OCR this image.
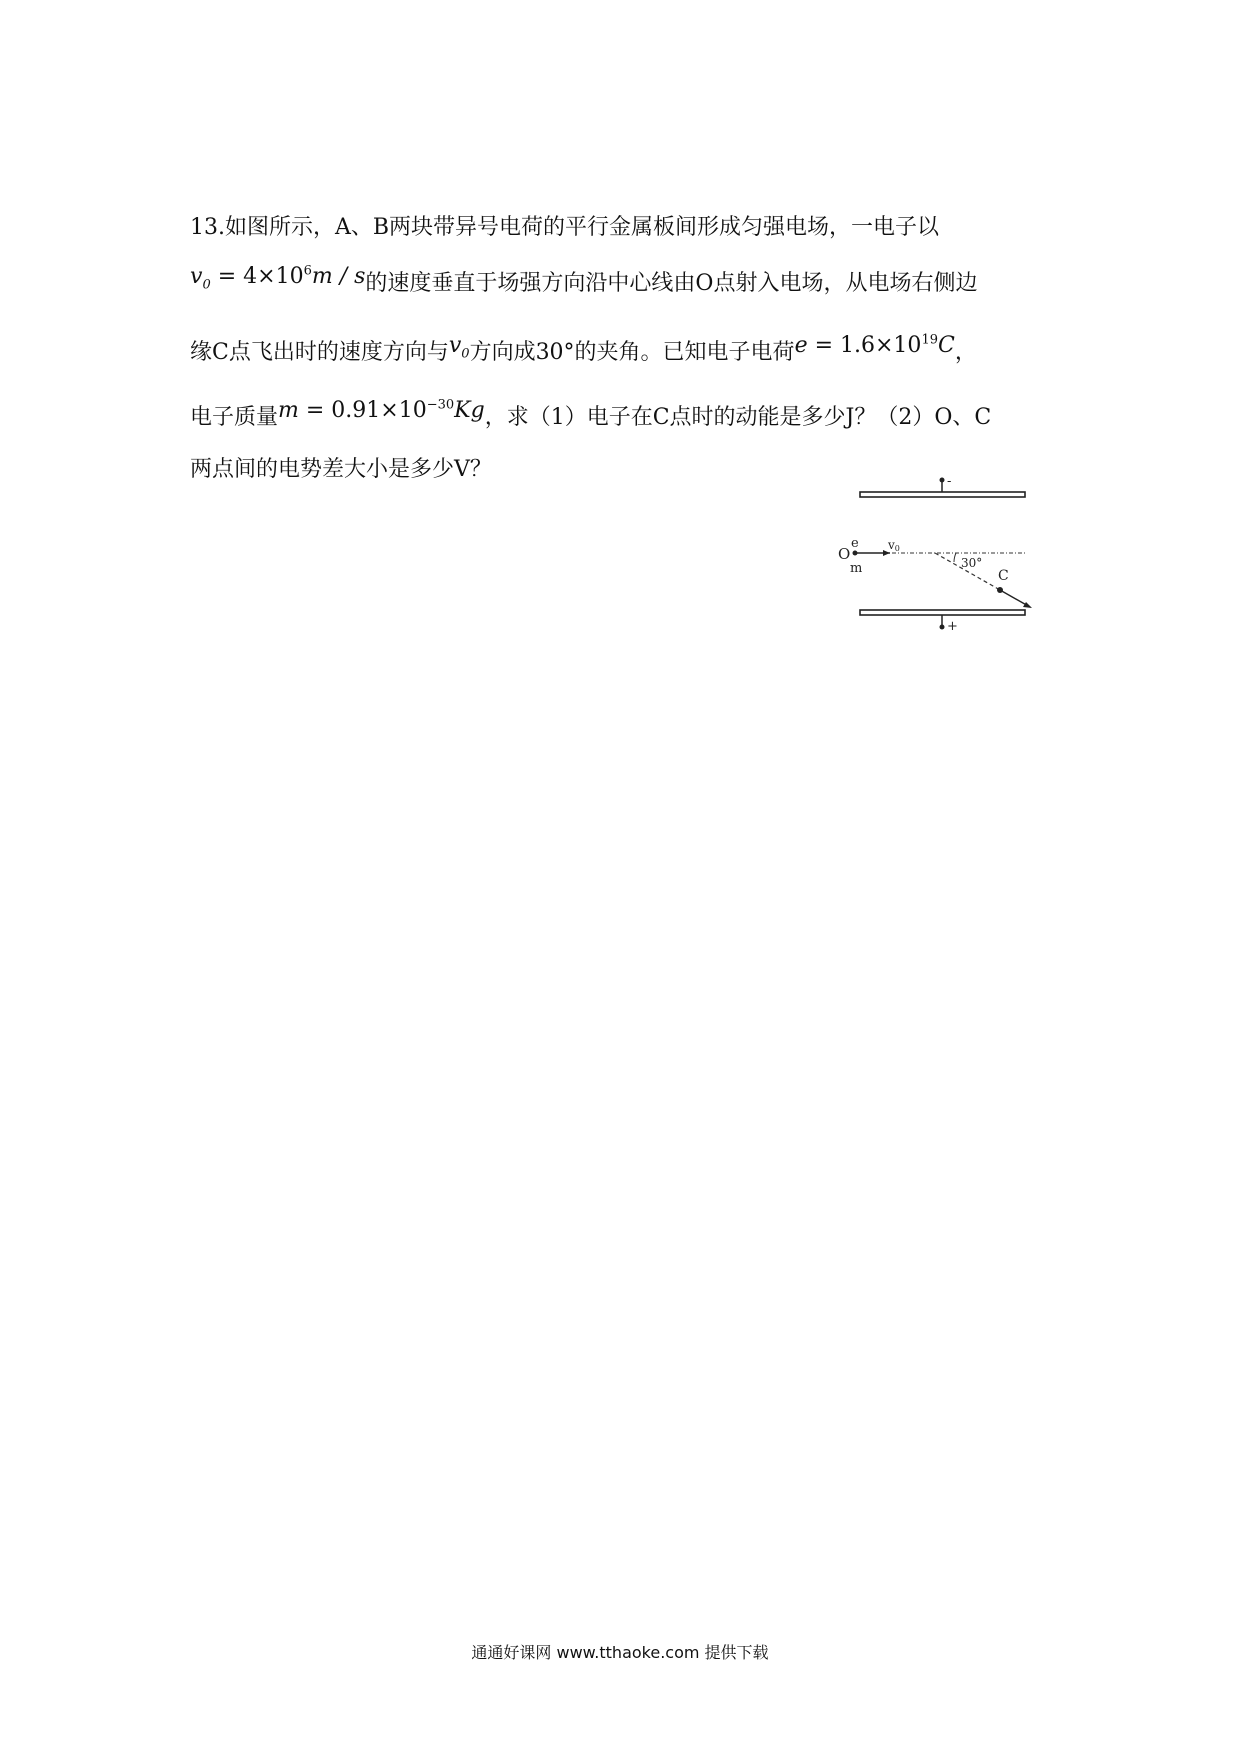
13.如图所示，A、B两块带异号电荷的平行金属板间形成匀强电场，一电子以
$v_0 = 4\times 10^6m / s$的速度垂直于场强方向沿中心线由O点射入电场，从电场右侧边
缘C点飞出时的速度方向与$v_0$方向成30°的夹角。已知电子电荷$e = 1.6\times 10^{19}C$，
电子质量$m = 0.91\times 10^{-30}Kg$，求（1）电子在C点时的动能是多少J？（2）O、C
两点间的电势差大小是多少V？	-
+
O
e
m
v0
30°
C
通通好课网 www.tthaoke.com 提供下载
